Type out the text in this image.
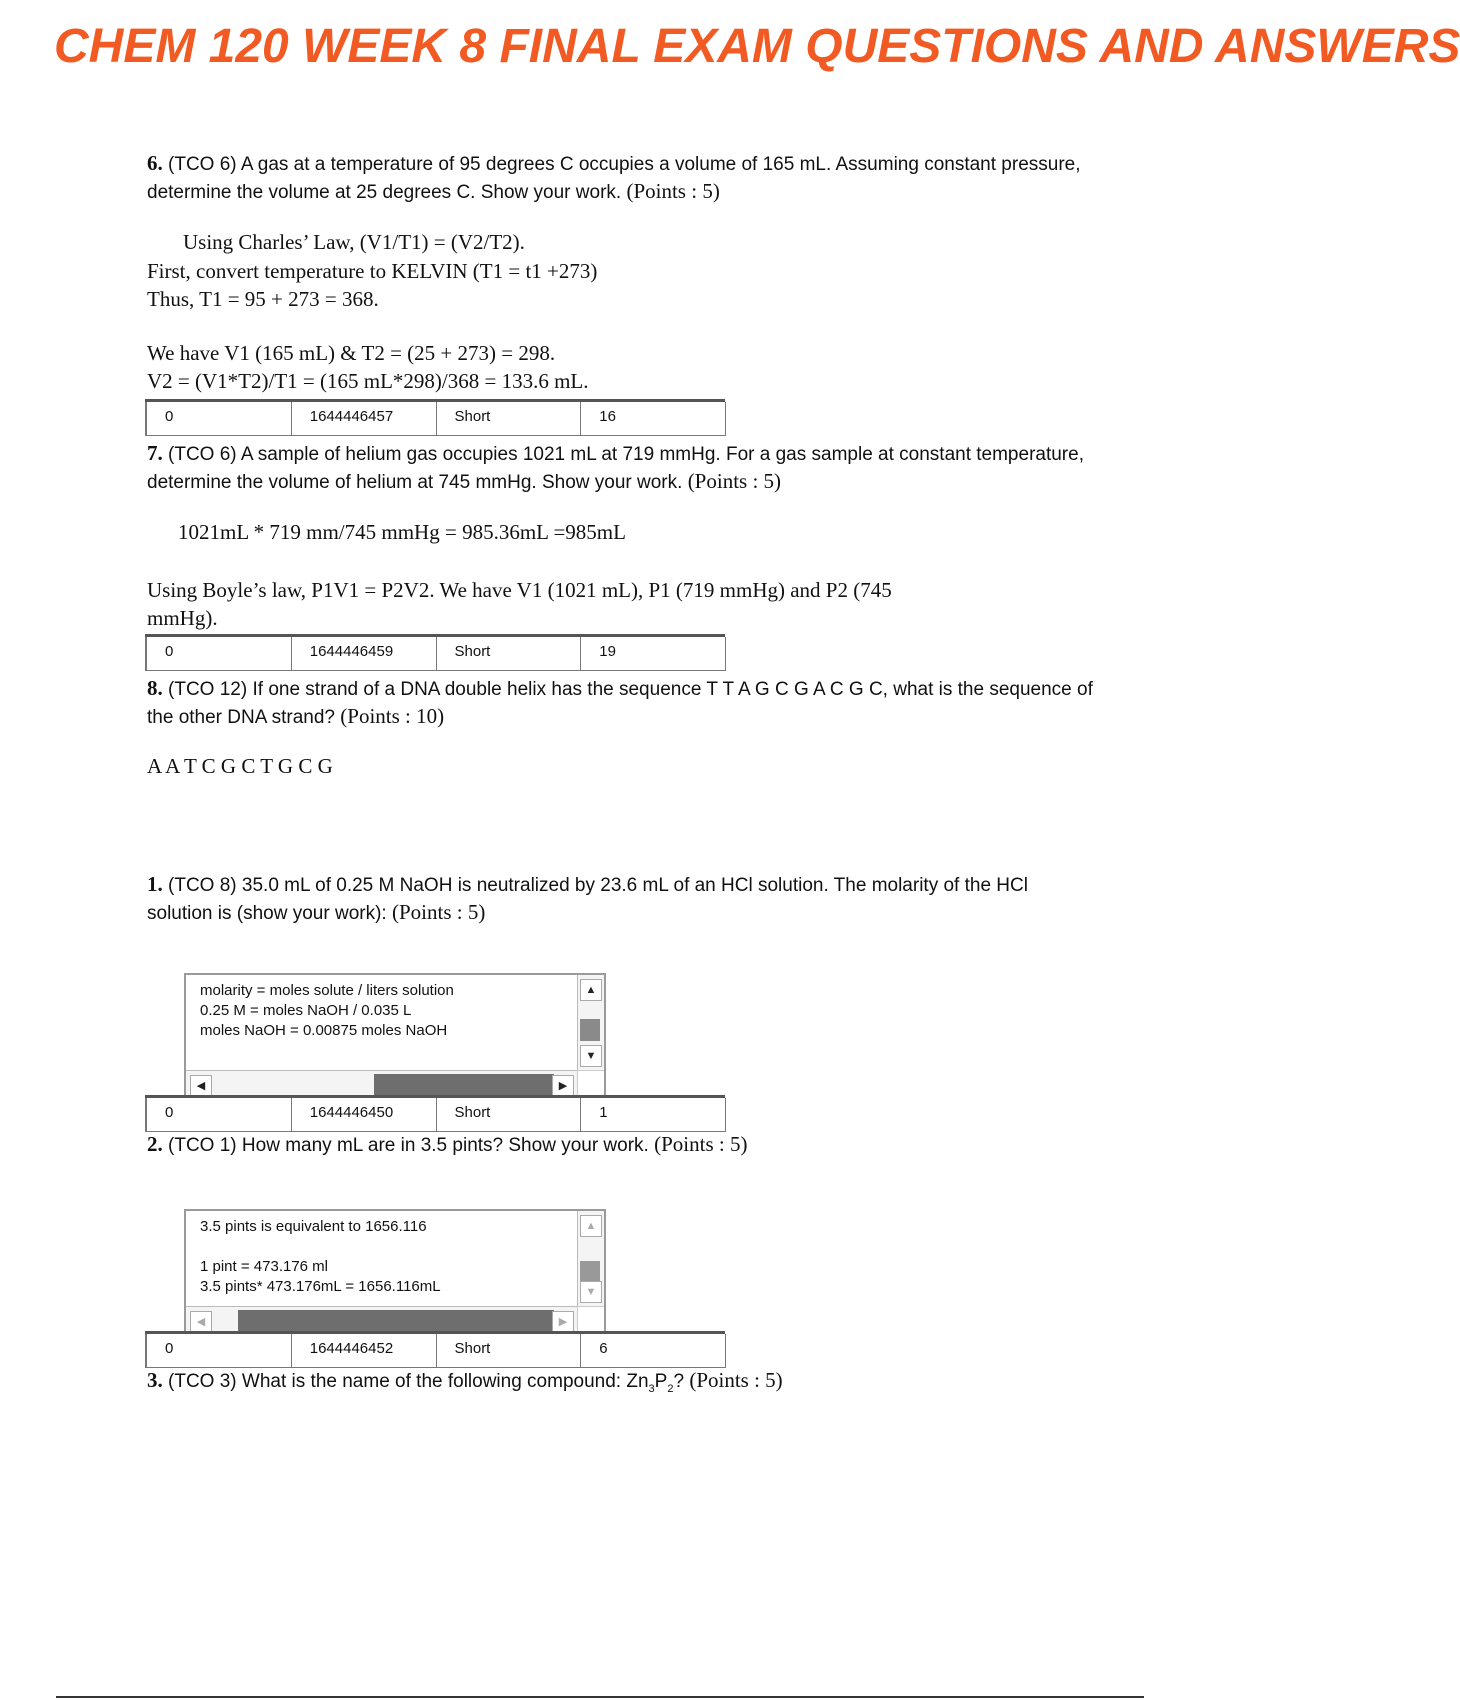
CHEM 120 WEEK 8 FINAL EXAM QUESTIONS AND ANSWERS

6. (TCO 6) A gas at a temperature of 95 degrees C occupies a volume of 165 mL. Assuming constant pressure, determine the volume at 25 degrees C. Show your work. (Points : 5)

Using Charles’ Law, (V1/T1) = (V2/T2).

First, convert temperature to KELVIN (T1 = t1 +273)

Thus, T1 = 95 + 273 = 368.

We have V1 (165 mL) & T2 = (25 + 273) = 298.

V2 = (V1*T2)/T1 = (165 mL*298)/368 = 133.6 mL.

0	1644446457	Short	16

7. (TCO 6) A sample of helium gas occupies 1021 mL at 719 mmHg. For a gas sample at constant temperature, determine the volume of helium at 745 mmHg. Show your work. (Points : 5)

1021mL * 719 mm/745 mmHg = 985.36mL =985mL

Using Boyle’s law, P1V1 = P2V2. We have V1 (1021 mL), P1 (719 mmHg) and P2 (745

mmHg).

0	1644446459	Short	19

8. (TCO 12) If one strand of a DNA double helix has the sequence T T A G C G A C G C, what is the sequence of the other DNA strand? (Points : 10)

A A T C G C T G C G

1. (TCO 8) 35.0 mL of 0.25 M NaOH is neutralized by 23.6 mL of an HCl solution. The molarity of the HCl solution is (show your work): (Points : 5)

molarity = moles solute / liters solution
0.25 M = moles NaOH / 0.035 L
moles NaOH = 0.00875 moles NaOH
▲
▼
◀	▶
0	1644446450	Short	1

2. (TCO 1) How many mL are in 3.5 pints? Show your work. (Points : 5)

3.5 pints is equivalent to 1656.116
1 pint = 473.176 ml
3.5 pints* 473.176mL = 1656.116mL
▲
▼
◀	▶
0	1644446452	Short	6

3. (TCO 3) What is the name of the following compound: $Zn_3P_2$? (Points : 5)
